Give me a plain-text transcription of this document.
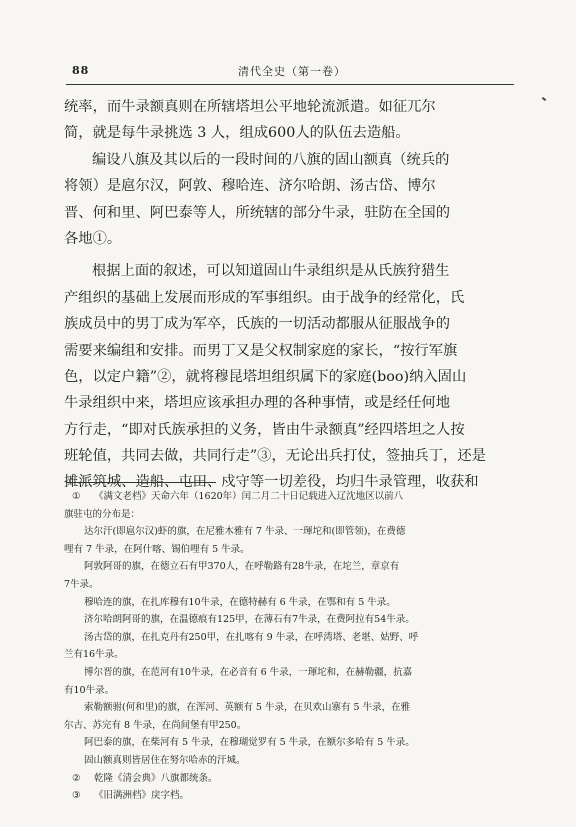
88	清代全史（第一卷）
统率，而牛录额真则在所辖塔坦公平地轮流派遣。如征兀尔
简，就是每牛录挑选 3 人，组成600人的队伍去造船。
编设八旗及其以后的一段时间的八旗的固山额真（统兵的
将领）是扈尔汉，阿敦、穆哈连、济尔哈朗、汤古岱、博尔
晋、何和里、阿巴泰等人，所统辖的部分牛录，驻防在全国的
各地①。
根据上面的叙述，可以知道固山牛录组织是从氏族狩猎生
产组织的基础上发展而形成的军事组织。由于战争的经常化，氏
族成员中的男丁成为军卒，氏族的一切活动都服从征服战争的
需要来编组和安排。而男丁又是父权制家庭的家长，“按行军旗
色，以定户籍”②，就将穆昆塔坦组织属下的家庭(boo)纳入固山
牛录组织中来，塔坦应该承担办理的各种事情，或是经任何地
方行走，“即对氏族承担的义务，皆由牛录额真”经四塔坦之人按
班轮值，共同去做，共同行走”③，无论出兵打仗，签抽兵丁，还是
摊派筑城、造船、屯田、戍守等一切差役，均归牛录管理，收获和
① 《满文老档》天命六年（1620年）闰二月二十日记载进入辽沈地区以前八
旗驻屯的分布是：
达尔汗(即扈尔汉)虾的旗，在尼雅木雅有 7 牛录、一琿坨和(即管领)，在费德
哩有 7 牛录，在阿什喀、锡伯哩有 5 牛录。
阿敦阿哥的旗，在德立石有甲370人，在呼勒路有28牛录，在坨兰，章京有
7牛录。
穆哈连的旗，在扎库穆有10牛录，在德特赫有 6 牛录，在鄂和有 5 牛录。
济尔哈朗阿哥的旗，在温德痕有125甲，在薄石有7牛录，在费阿拉有54牛录。
汤古岱的旗，在扎克丹有250甲，在扎喀有 9 牛录，在呼湾塔、老堪、姑野、呼
兰有16牛录。
博尔晋的旗，在范河有10牛录，在必音有 6 牛录，一琿坨和，在赫勒疆，抗嘉
有10牛录。
索勒额驸(何和里)的旗，在浑河、英额有 5 牛录，在贝欢山寨有 5 牛录，在雅
尔古、苏完有 8 牛录，在尚间堡有甲250。
阿巴泰的旗，在柴河有 5 牛录，在穆瑚觉罗有 5 牛录，在额尔多哈有 5 牛录。
固山额真则皆居住在努尔哈赤的汗城。
② 乾隆《清会典》八旗都统条。
③ 《旧满洲档》戾字档。
